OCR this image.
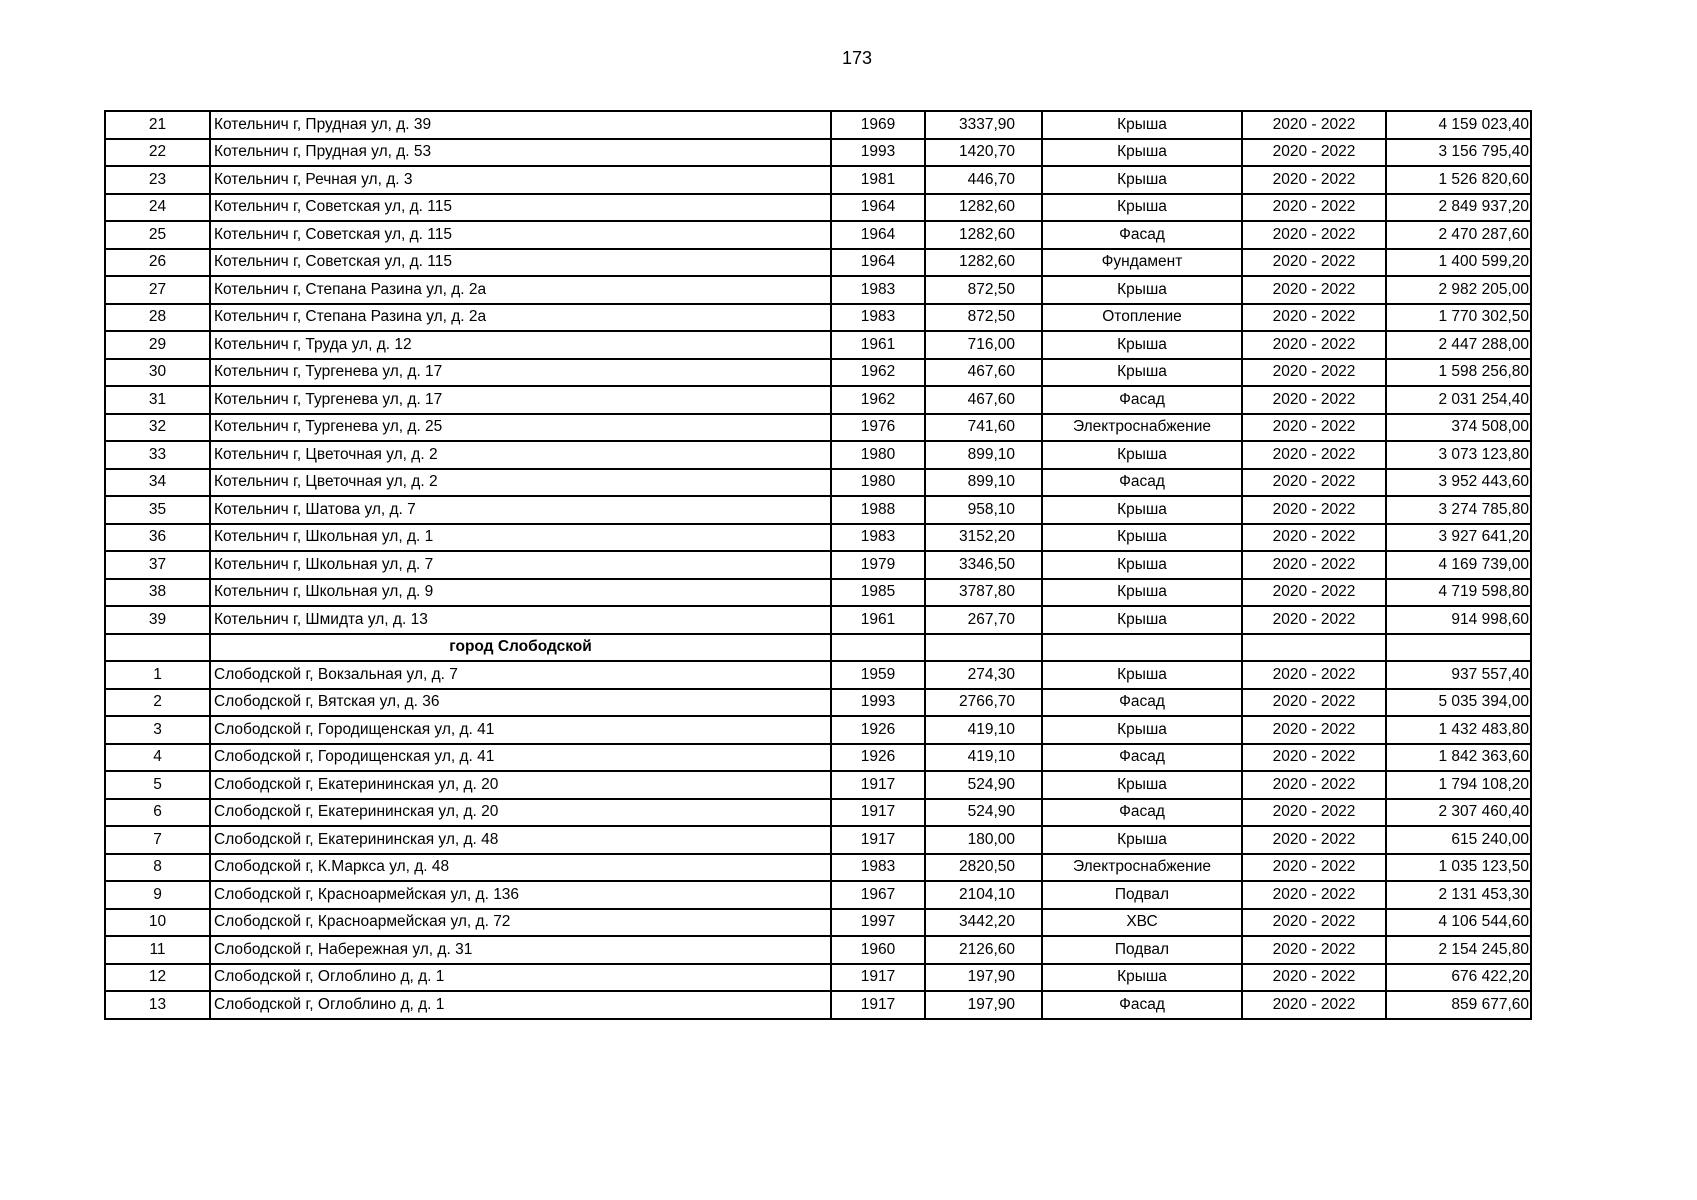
173
21	Котельнич г, Прудная ул, д. 39	1969	3337,90	Крыша	2020 - 2022	4 159 023,40
22	Котельнич г, Прудная ул, д. 53	1993	1420,70	Крыша	2020 - 2022	3 156 795,40
23	Котельнич г, Речная ул, д. 3	1981	446,70	Крыша	2020 - 2022	1 526 820,60
24	Котельнич г, Советская ул, д. 115	1964	1282,60	Крыша	2020 - 2022	2 849 937,20
25	Котельнич г, Советская ул, д. 115	1964	1282,60	Фасад	2020 - 2022	2 470 287,60
26	Котельнич г, Советская ул, д. 115	1964	1282,60	Фундамент	2020 - 2022	1 400 599,20
27	Котельнич г, Степана Разина ул, д. 2а	1983	872,50	Крыша	2020 - 2022	2 982 205,00
28	Котельнич г, Степана Разина ул, д. 2а	1983	872,50	Отопление	2020 - 2022	1 770 302,50
29	Котельнич г, Труда ул, д. 12	1961	716,00	Крыша	2020 - 2022	2 447 288,00
30	Котельнич г, Тургенева ул, д. 17	1962	467,60	Крыша	2020 - 2022	1 598 256,80
31	Котельнич г, Тургенева ул, д. 17	1962	467,60	Фасад	2020 - 2022	2 031 254,40
32	Котельнич г, Тургенева ул, д. 25	1976	741,60	Электроснабжение	2020 - 2022	374 508,00
33	Котельнич г, Цветочная ул, д. 2	1980	899,10	Крыша	2020 - 2022	3 073 123,80
34	Котельнич г, Цветочная ул, д. 2	1980	899,10	Фасад	2020 - 2022	3 952 443,60
35	Котельнич г, Шатова ул, д. 7	1988	958,10	Крыша	2020 - 2022	3 274 785,80
36	Котельнич г, Школьная ул, д. 1	1983	3152,20	Крыша	2020 - 2022	3 927 641,20
37	Котельнич г, Школьная ул, д. 7	1979	3346,50	Крыша	2020 - 2022	4 169 739,00
38	Котельнич г, Школьная ул, д. 9	1985	3787,80	Крыша	2020 - 2022	4 719 598,80
39	Котельнич г, Шмидта ул, д. 13	1961	267,70	Крыша	2020 - 2022	914 998,60
	город Слободской					
1	Слободской г, Вокзальная ул, д. 7	1959	274,30	Крыша	2020 - 2022	937 557,40
2	Слободской г, Вятская ул, д. 36	1993	2766,70	Фасад	2020 - 2022	5 035 394,00
3	Слободской г, Городищенская ул, д. 41	1926	419,10	Крыша	2020 - 2022	1 432 483,80
4	Слободской г, Городищенская ул, д. 41	1926	419,10	Фасад	2020 - 2022	1 842 363,60
5	Слободской г, Екатерининская ул, д. 20	1917	524,90	Крыша	2020 - 2022	1 794 108,20
6	Слободской г, Екатерининская ул, д. 20	1917	524,90	Фасад	2020 - 2022	2 307 460,40
7	Слободской г, Екатерининская ул, д. 48	1917	180,00	Крыша	2020 - 2022	615 240,00
8	Слободской г, К.Маркса ул, д. 48	1983	2820,50	Электроснабжение	2020 - 2022	1 035 123,50
9	Слободской г, Красноармейская ул, д. 136	1967	2104,10	Подвал	2020 - 2022	2 131 453,30
10	Слободской г, Красноармейская ул, д. 72	1997	3442,20	ХВС	2020 - 2022	4 106 544,60
11	Слободской г, Набережная ул, д. 31	1960	2126,60	Подвал	2020 - 2022	2 154 245,80
12	Слободской г, Оглоблино д, д. 1	1917	197,90	Крыша	2020 - 2022	676 422,20
13	Слободской г, Оглоблино д, д. 1	1917	197,90	Фасад	2020 - 2022	859 677,60
